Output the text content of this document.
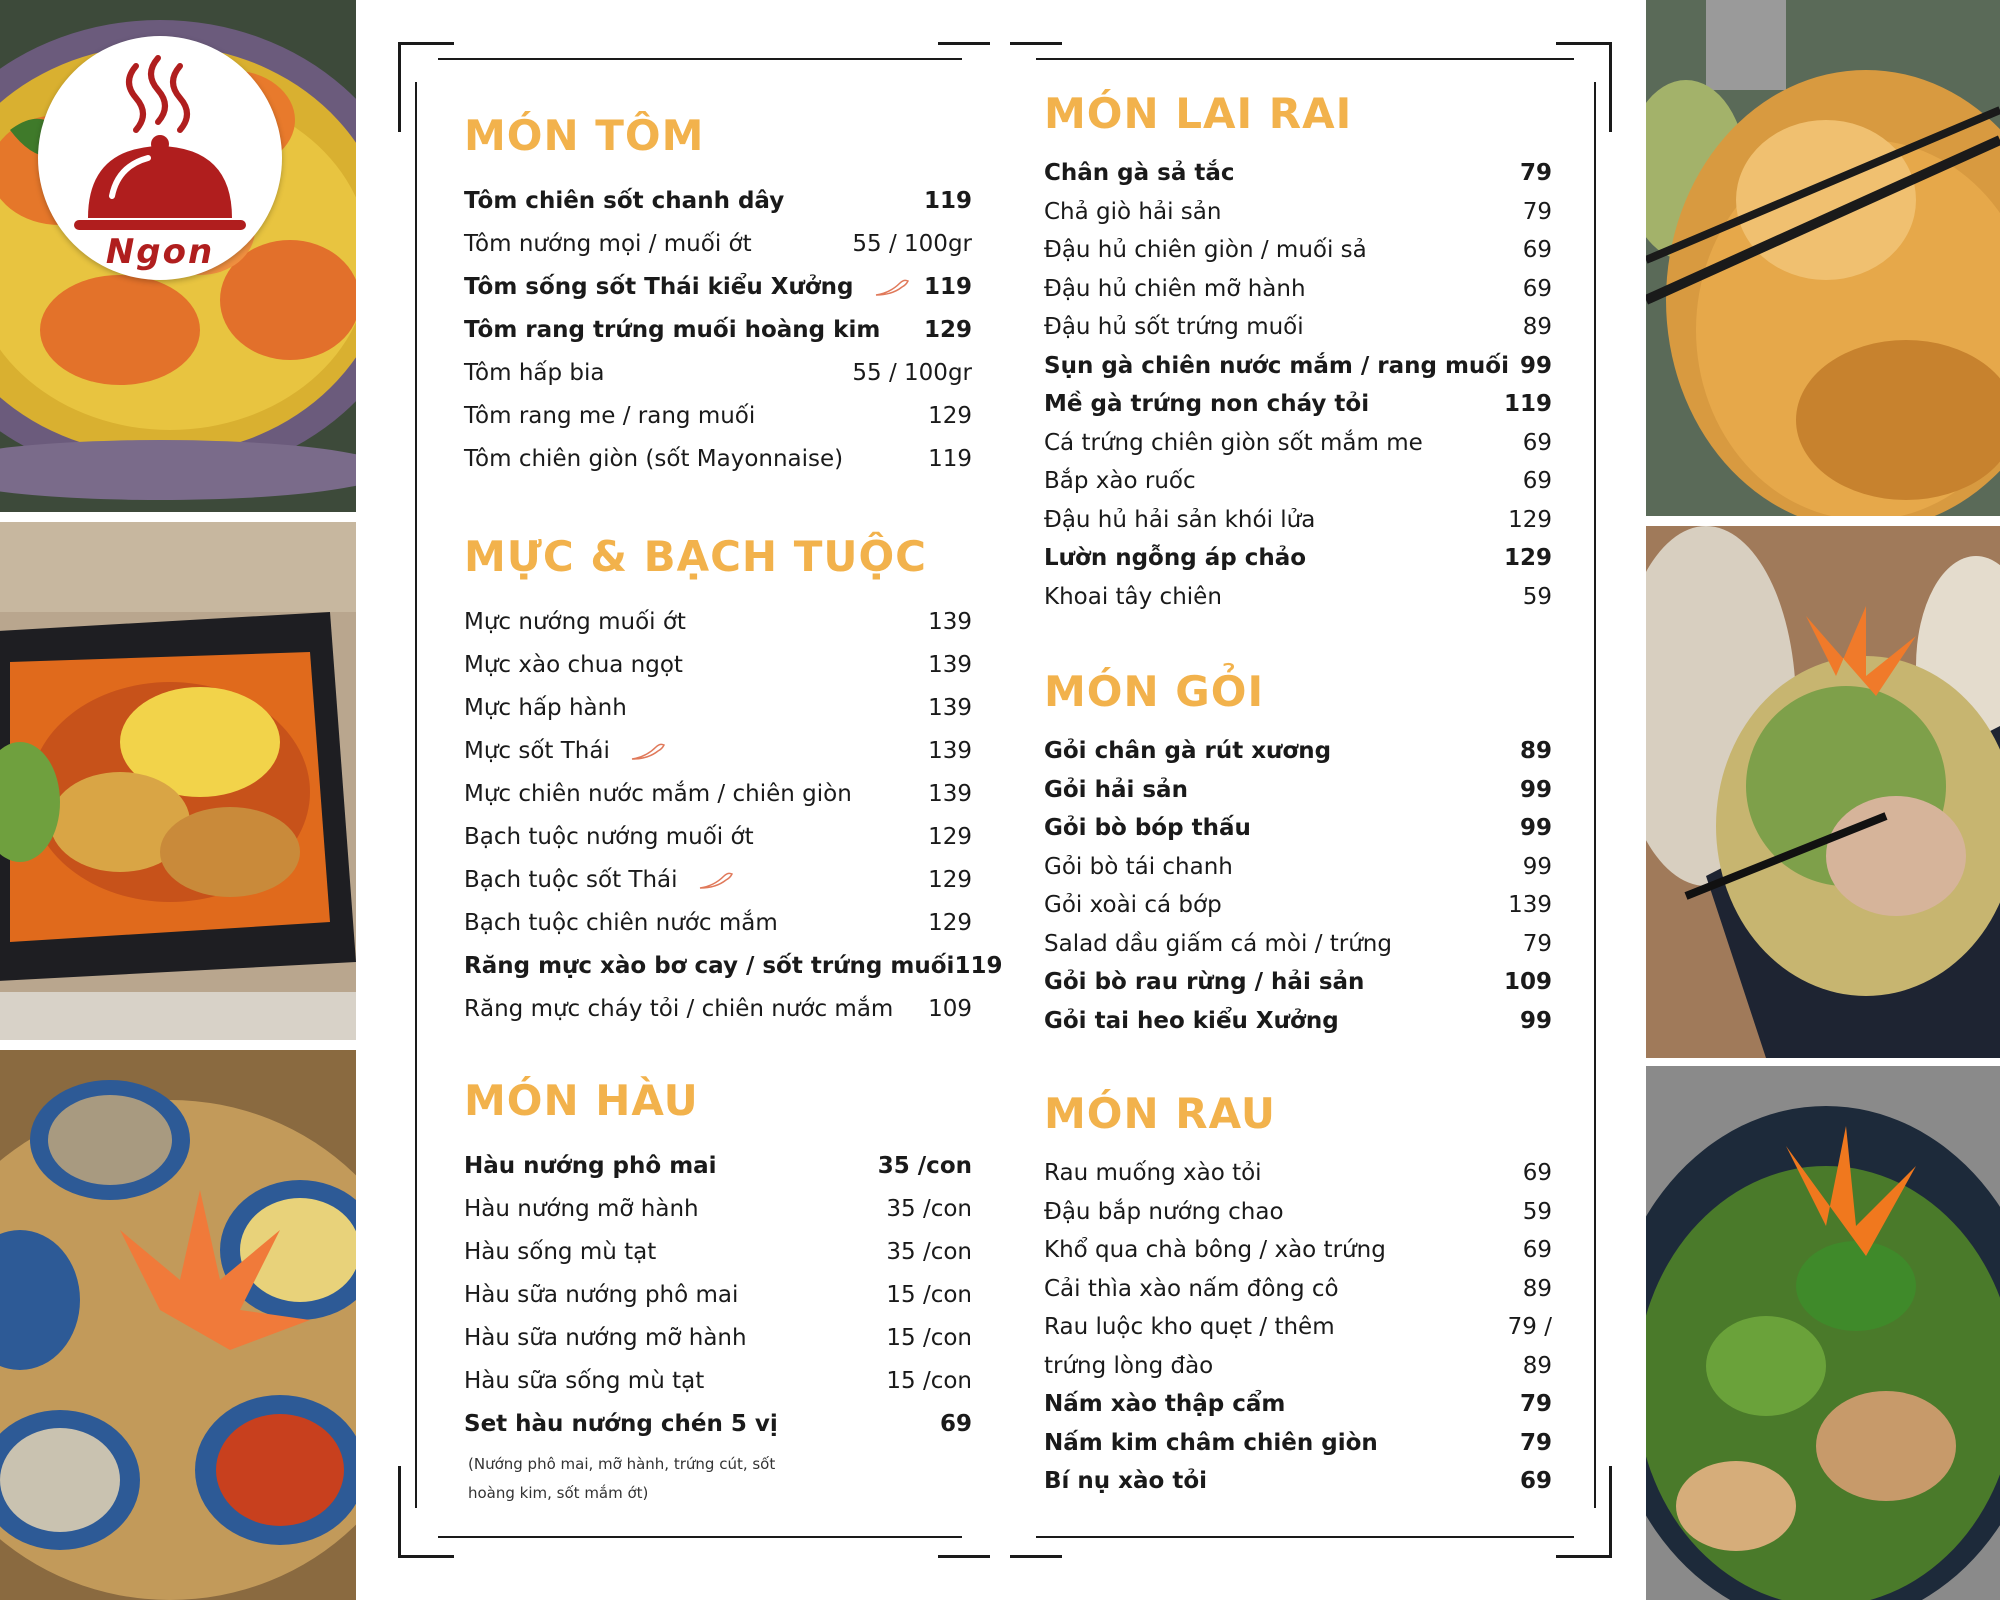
Ngon
MÓN TÔM
Tôm chiên sốt chanh dây	119
Tôm nướng mọi / muối ớt	55 / 100gr
Tôm sống sốt Thái kiểu Xưởng	119
Tôm rang trứng muối hoàng kim	129
Tôm hấp bia	55 / 100gr
Tôm rang me / rang muối	129
Tôm chiên giòn (sốt Mayonnaise)	119
MỰC & BẠCH TUỘC
Mực nướng muối ớt	139
Mực xào chua ngọt	139
Mực hấp hành	139
Mực sốt Thái	139
Mực chiên nước mắm / chiên giòn	139
Bạch tuộc nướng muối ớt	129
Bạch tuộc sốt Thái	129
Bạch tuộc chiên nước mắm	129
Răng mực xào bơ cay / sốt trứng muối 119
Răng mực cháy tỏi / chiên nước mắm	109
MÓN HÀU
Hàu nướng phô mai	35 /con
Hàu nướng mỡ hành	35 /con
Hàu sống mù tạt	35 /con
Hàu sữa nướng phô mai	15 /con
Hàu sữa nướng mỡ hành	15 /con
Hàu sữa sống mù tạt	15 /con
Set hàu nướng chén 5 vị	69
(Nướng phô mai, mỡ hành, trứng cút, sốt
hoàng kim, sốt mắm ớt)
MÓN LAI RAI
Chân gà sả tắc	79
Chả giò hải sản	79
Đậu hủ chiên giòn / muối sả	69
Đậu hủ chiên mỡ hành	69
Đậu hủ sốt trứng muối	89
Sụn gà chiên nước mắm / rang muối 99
Mề gà trứng non cháy tỏi	119
Cá trứng chiên giòn sốt mắm me	69
Bắp xào ruốc	69
Đậu hủ hải sản khói lửa	129
Lườn ngỗng áp chảo	129
Khoai tây chiên	59
MÓN GỎI
Gỏi chân gà rút xương	89
Gỏi hải sản	99
Gỏi bò bóp thấu	99
Gỏi bò tái chanh	99
Gỏi xoài cá bớp	139
Salad dầu giấm cá mòi / trứng	79
Gỏi bò rau rừng / hải sản	109
Gỏi tai heo kiểu Xưởng	99
MÓN RAU
Rau muống xào tỏi	69
Đậu bắp nướng chao	59
Khổ qua chà bông / xào trứng	69
Cải thìa xào nấm đông cô	89
Rau luộc kho quẹt / thêm	79 /
trứng lòng đào	89
Nấm xào thập cẩm	79
Nấm kim châm chiên giòn	79
Bí nụ xào tỏi	69
